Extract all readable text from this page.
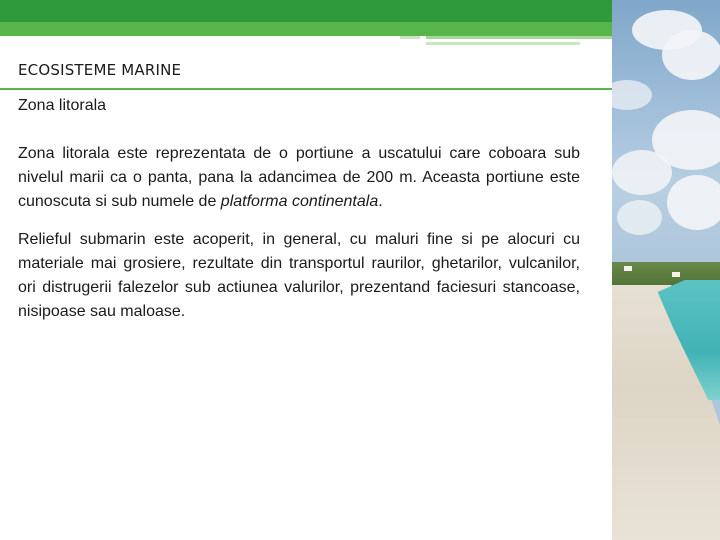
ECOSISTEME MARINE

Zona litorala

Zona litorala este reprezentata de o portiune a uscatului care coboara sub nivelul marii ca o panta, pana la adancimea de 200 m. Aceasta portiune este cunoscuta si sub numele de platforma continentala.

Relieful submarin este acoperit, in general, cu maluri fine si pe alocuri cu materiale mai grosiere, rezultate din transportul raurilor, ghetarilor, vulcanilor, ori distrugerii falezelor sub actiunea valurilor, prezentand faciesuri stancoase, nisipoase sau maloase.
